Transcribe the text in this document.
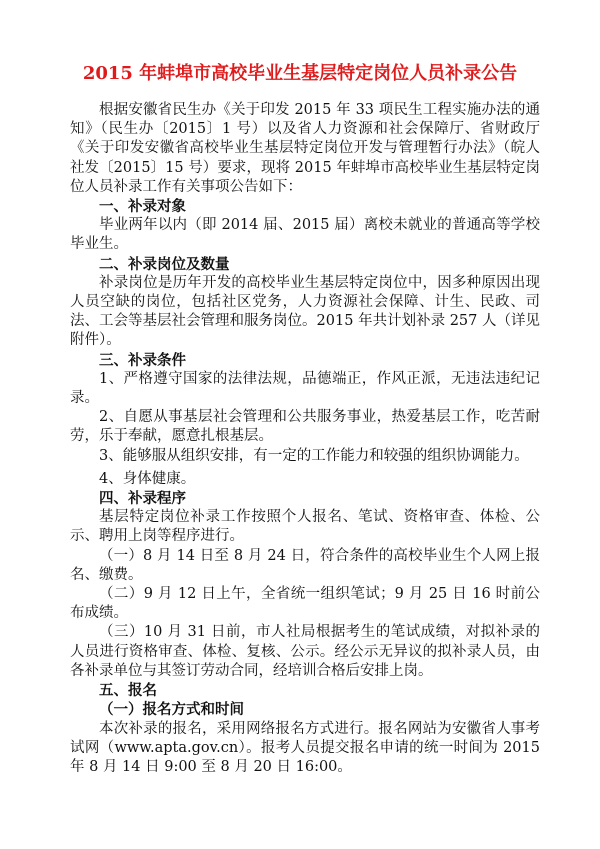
2015 年蚌埠市高校毕业生基层特定岗位人员补录公告

根据安徽省民生办《关于印发 2015 年 33 项民生工程实施办法的通知》（民生办〔2015〕1 号）以及省人力资源和社会保障厅、省财政厅《关于印发安徽省高校毕业生基层特定岗位开发与管理暂行办法》（皖人社发〔2015〕15 号）要求，现将 2015 年蚌埠市高校毕业生基层特定岗位人员补录工作有关事项公告如下：

一、补录对象

毕业两年以内（即 2014 届、2015 届）离校未就业的普通高等学校毕业生。

二、补录岗位及数量

补录岗位是历年开发的高校毕业生基层特定岗位中，因多种原因出现人员空缺的岗位，包括社区党务，人力资源社会保障、计生、民政、司法、工会等基层社会管理和服务岗位。2015 年共计划补录 257 人（详见附件）。

三、补录条件

1、严格遵守国家的法律法规，品德端正，作风正派，无违法违纪记录。

2、自愿从事基层社会管理和公共服务事业，热爱基层工作，吃苦耐劳，乐于奉献，愿意扎根基层。

3、能够服从组织安排，有一定的工作能力和较强的组织协调能力。

4、身体健康。

四、补录程序

基层特定岗位补录工作按照个人报名、笔试、资格审查、体检、公示、聘用上岗等程序进行。

（一）8 月 14 日至 8 月 24 日，符合条件的高校毕业生个人网上报名、缴费。

（二）9 月 12 日上午，全省统一组织笔试；9 月 25 日 16 时前公布成绩。

（三）10 月 31 日前，市人社局根据考生的笔试成绩，对拟补录的人员进行资格审查、体检、复核、公示。经公示无异议的拟补录人员，由各补录单位与其签订劳动合同，经培训合格后安排上岗。

五、报名

（一）报名方式和时间

本次补录的报名，采用网络报名方式进行。报名网站为安徽省人事考试网（www.apta.gov.cn）。报考人员提交报名申请的统一时间为 2015 年 8 月 14 日 9:00 至 8 月 20 日 16:00。
